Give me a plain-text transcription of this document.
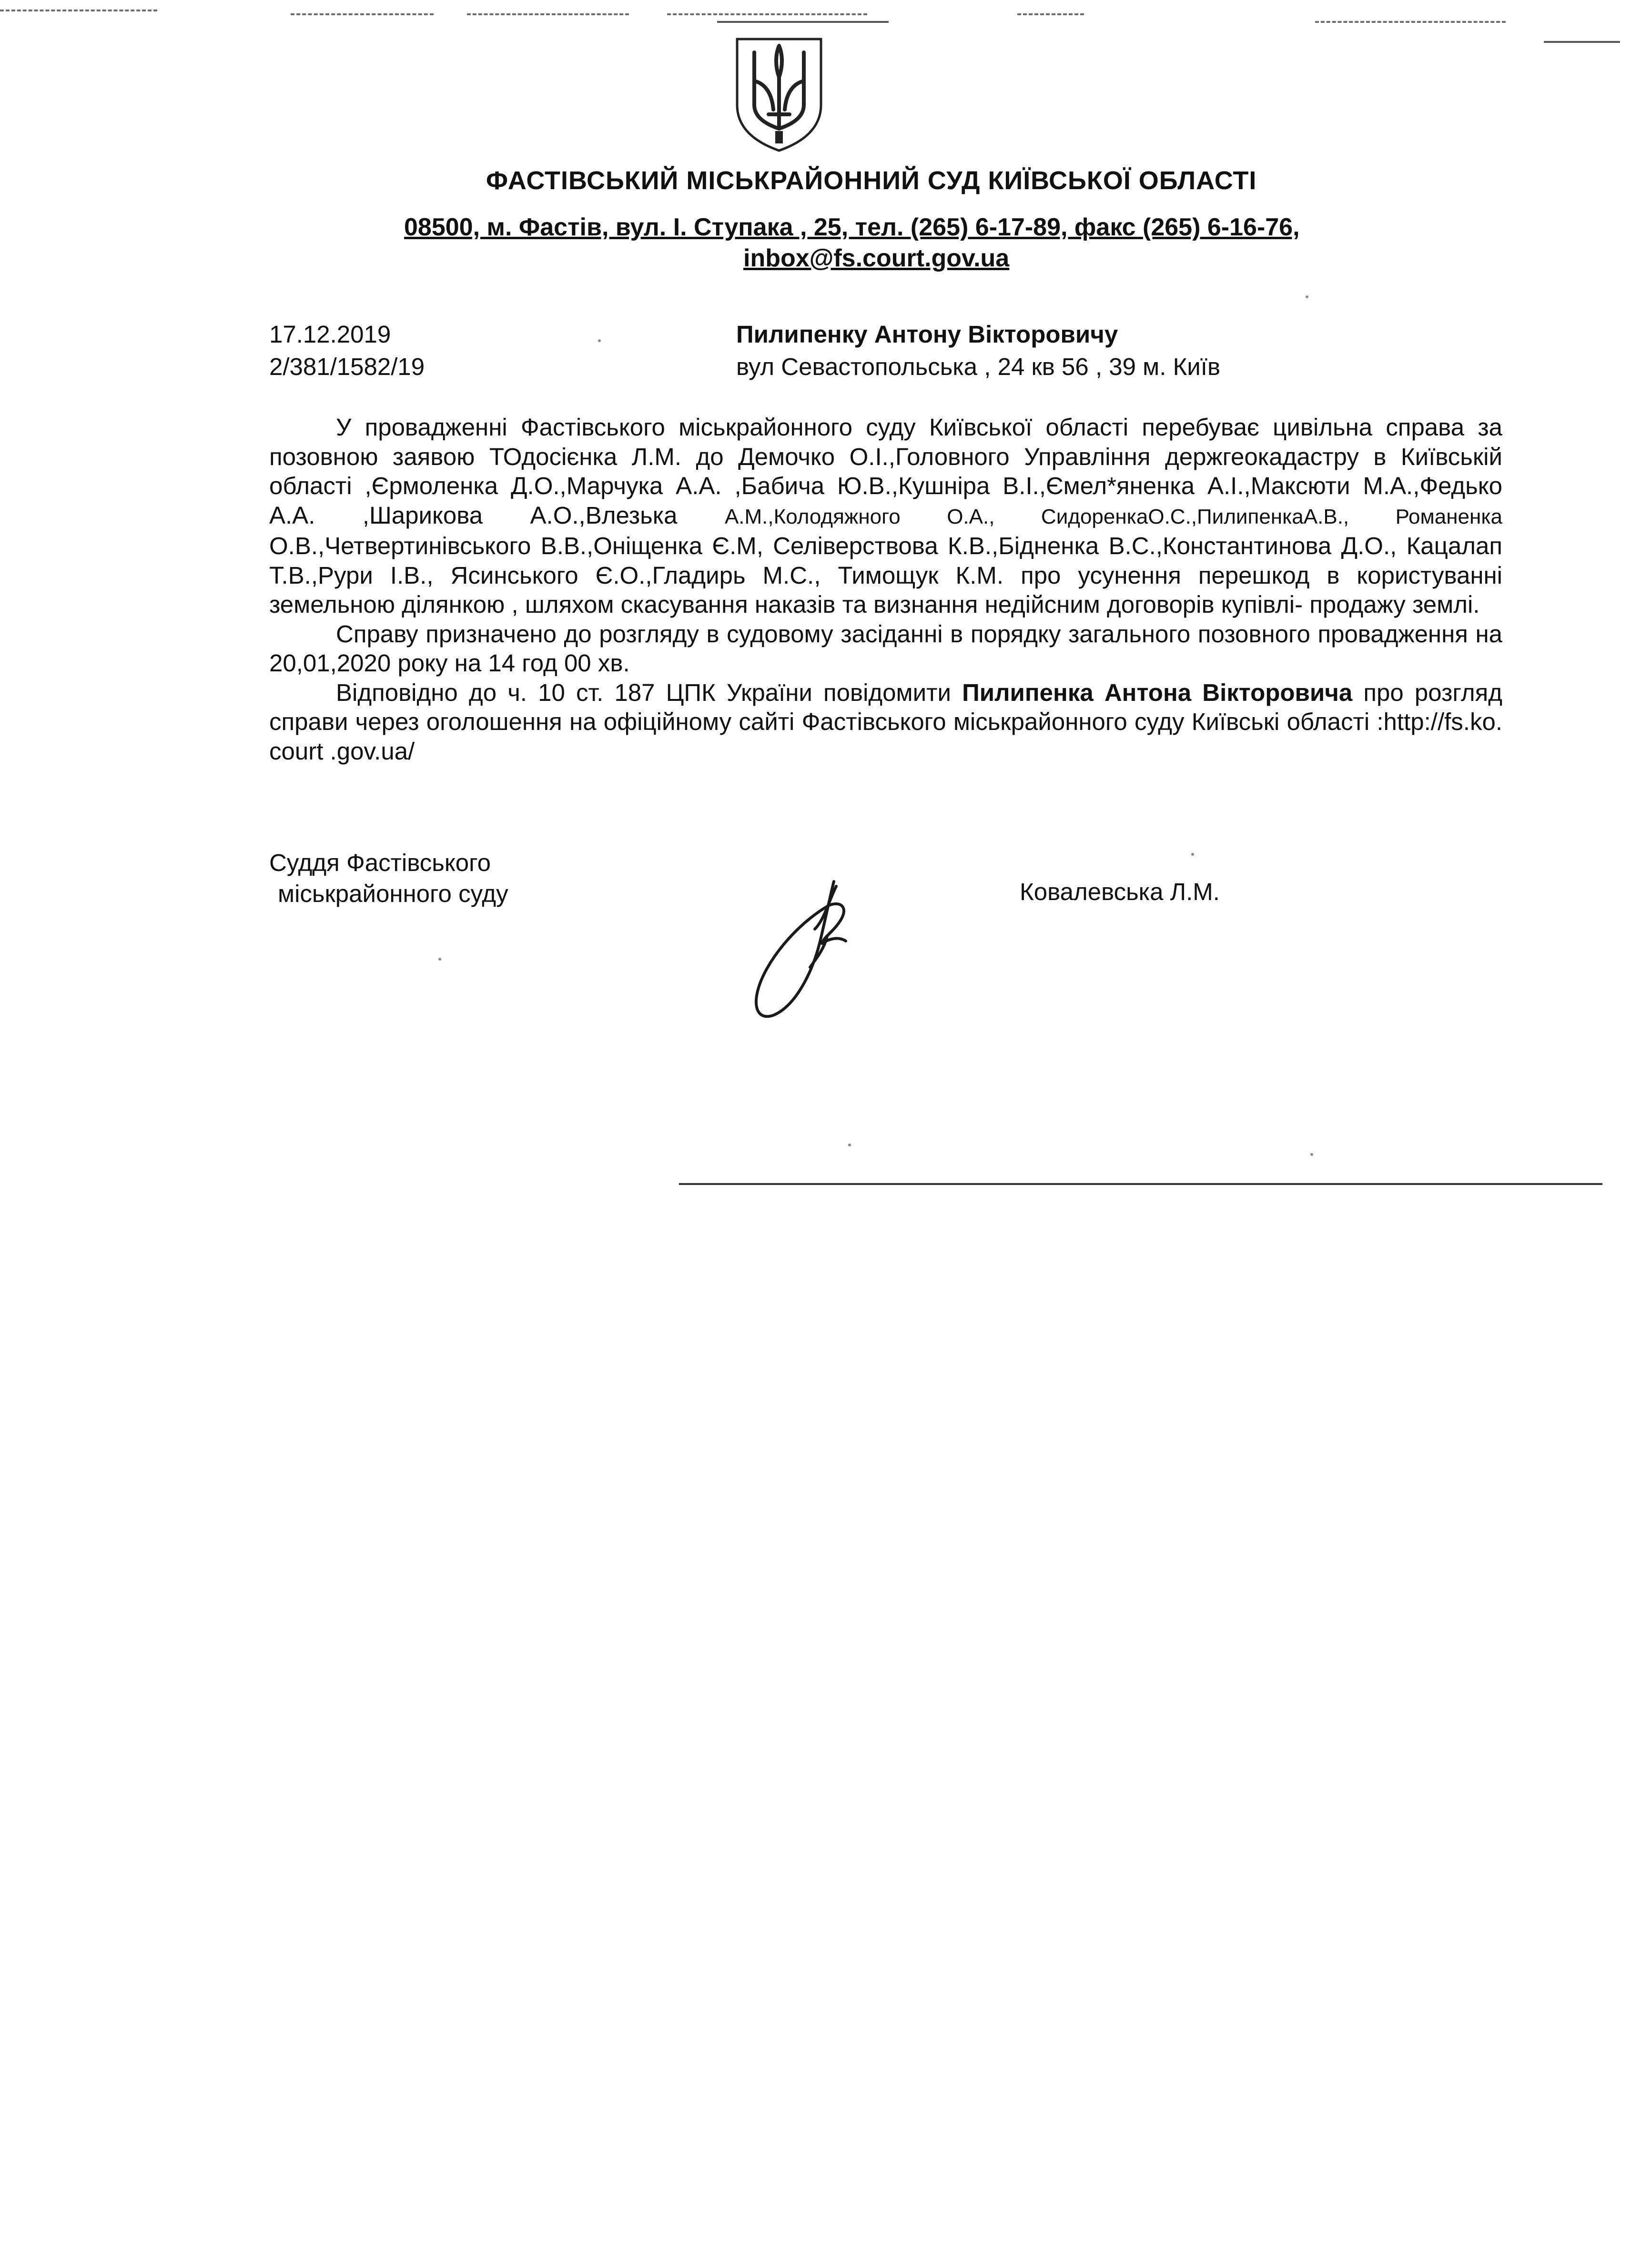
ФАСТІВСЬКИЙ МІСЬКРАЙОННИЙ СУД КИЇВСЬКОЇ ОБЛАСТІ
08500, м. Фастів, вул. І. Ступака , 25, тел. (265) 6-17-89, факс (265) 6-16-76,
inbox@fs.court.gov.ua
17.12.2019
2/381/1582/19
Пилипенку Антону Вікторовичу
вул Севастопольська , 24 кв 56 , 39 м. Київ

У провадженні Фастівського міськрайонного суду Київської області перебуває цивільна справа за позовною заявою ТОдосієнка Л.М. до Демочко О.І.,Головного Управління держгеокадастру в Київській області ,Єрмоленка Д.О.,Марчука А.А. ,Бабича Ю.В.,Кушніра В.І.,Ємел*яненка А.І.,Максюти М.А.,Федько А.А. ,Шарикова А.О.,Влезька А.М.,Колодяжного О.А., СидоренкаО.С.,ПилипенкаА.В., Романенка О.В.,Четвертинівського В.В.,Оніщенка Є.М, Селіверствова К.В.,Бідненка В.С.,Константинова Д.О., Кацалап Т.В.,Рури І.В., Ясинського Є.О.,Гладирь М.С., Тимощук К.М. про усунення перешкод в користуванні земельною ділянкою , шляхом скасування наказів та визнання недійсним договорів купівлі- продажу землі.

Справу призначено до розгляду в судовому засіданні в порядку загального позовного провадження на 20,01,2020 року на 14 год 00 хв.

Відповідно до ч. 10 ст. 187 ЦПК України повідомити Пилипенка Антона Вікторовича про розгляд справи через оголошення на офіційному сайті Фастівського міськрайонного суду Київські області :http://fs.ko. court .gov.ua/

Суддя Фастівського
міськрайонного суду	Ковалевська Л.М.
